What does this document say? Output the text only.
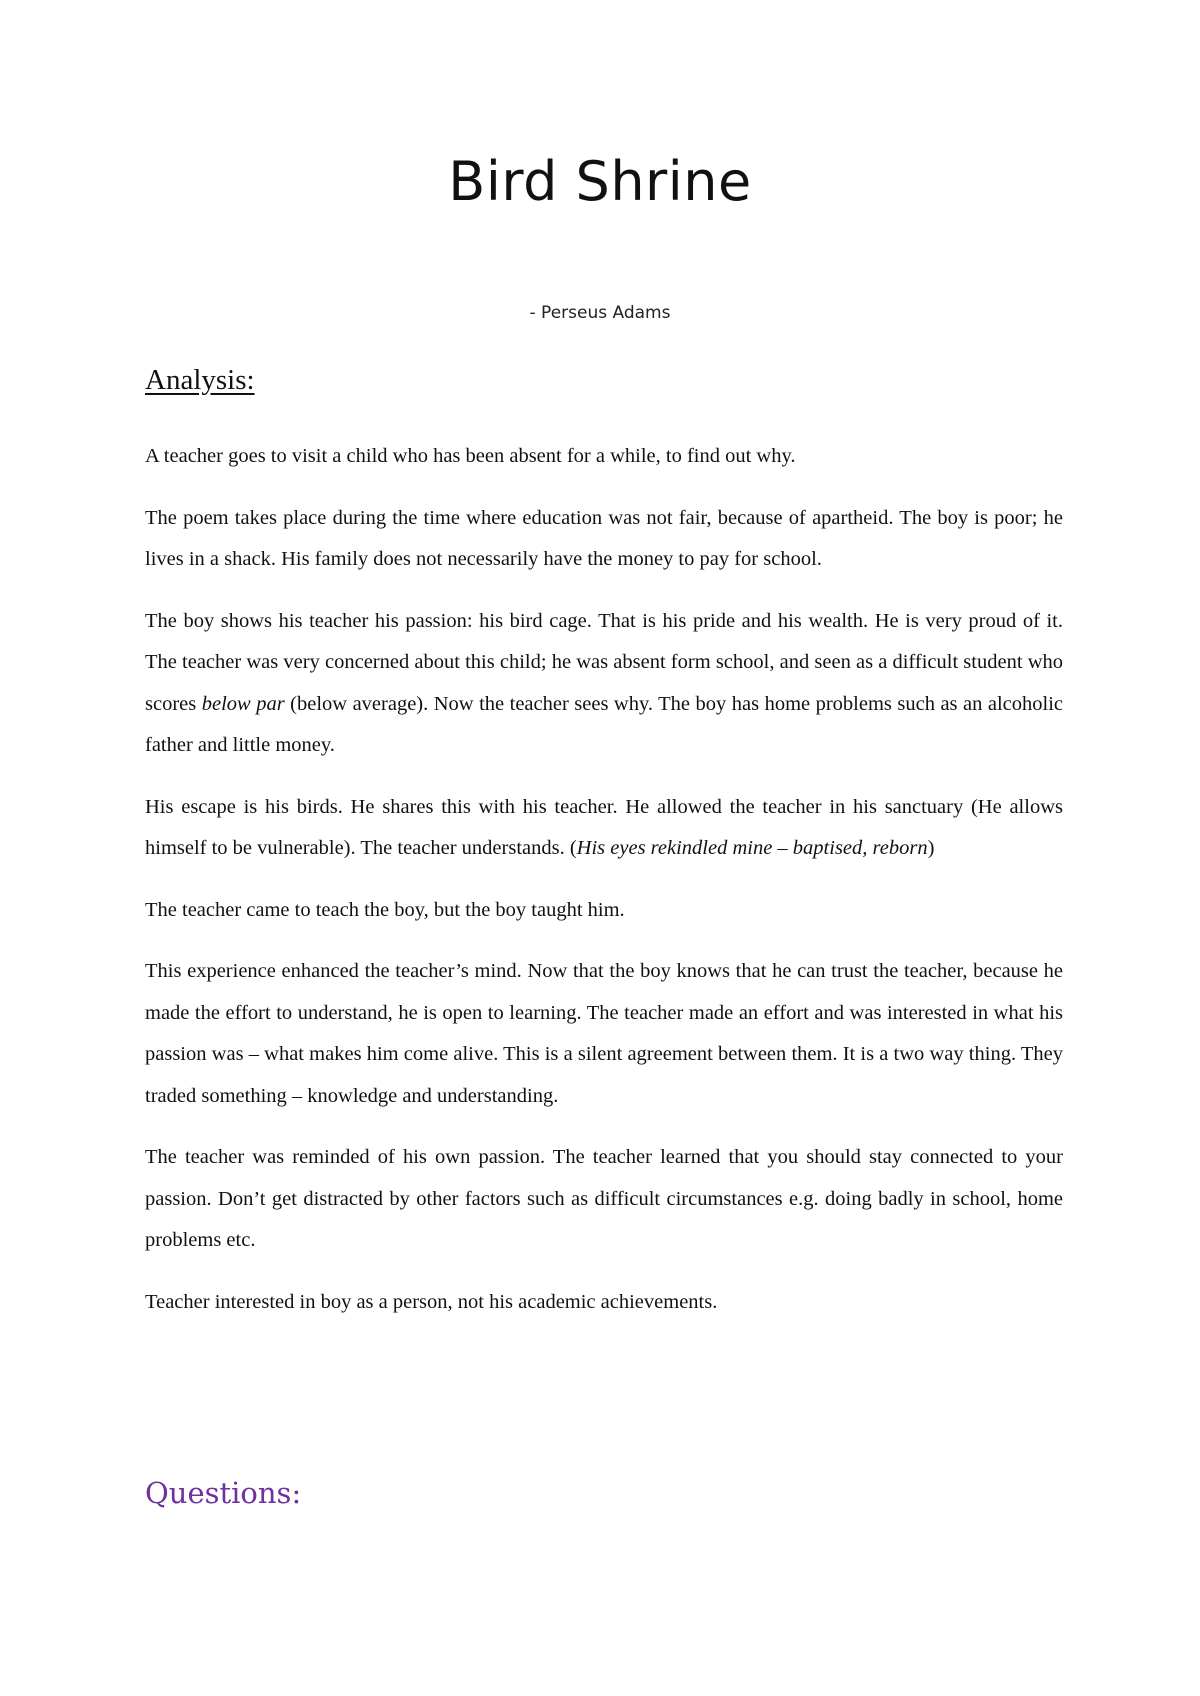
Bird Shrine
- Perseus Adams
Analysis:

A teacher goes to visit a child who has been absent for a while, to find out why.

The poem takes place during the time where education was not fair, because of apartheid. The boy is poor; he lives in a shack. His family does not necessarily have the money to pay for school.

The boy shows his teacher his passion: his bird cage. That is his pride and his wealth. He is very proud of it. The teacher was very concerned about this child; he was absent form school, and seen as a difficult student who scores below par (below average). Now the teacher sees why. The boy has home problems such as an alcoholic father and little money.

His escape is his birds. He shares this with his teacher. He allowed the teacher in his sanctuary (He allows himself to be vulnerable). The teacher understands. (His eyes rekindled mine – baptised, reborn)

The teacher came to teach the boy, but the boy taught him.

This experience enhanced the teacher’s mind. Now that the boy knows that he can trust the teacher, because he made the effort to understand, he is open to learning. The teacher made an effort and was interested in what his passion was – what makes him come alive. This is a silent agreement between them. It is a two way thing. They traded something – knowledge and understanding.

The teacher was reminded of his own passion. The teacher learned that you should stay connected to your passion. Don’t get distracted by other factors such as difficult circumstances e.g. doing badly in school, home problems etc.

Teacher interested in boy as a person, not his academic achievements.

Questions:
